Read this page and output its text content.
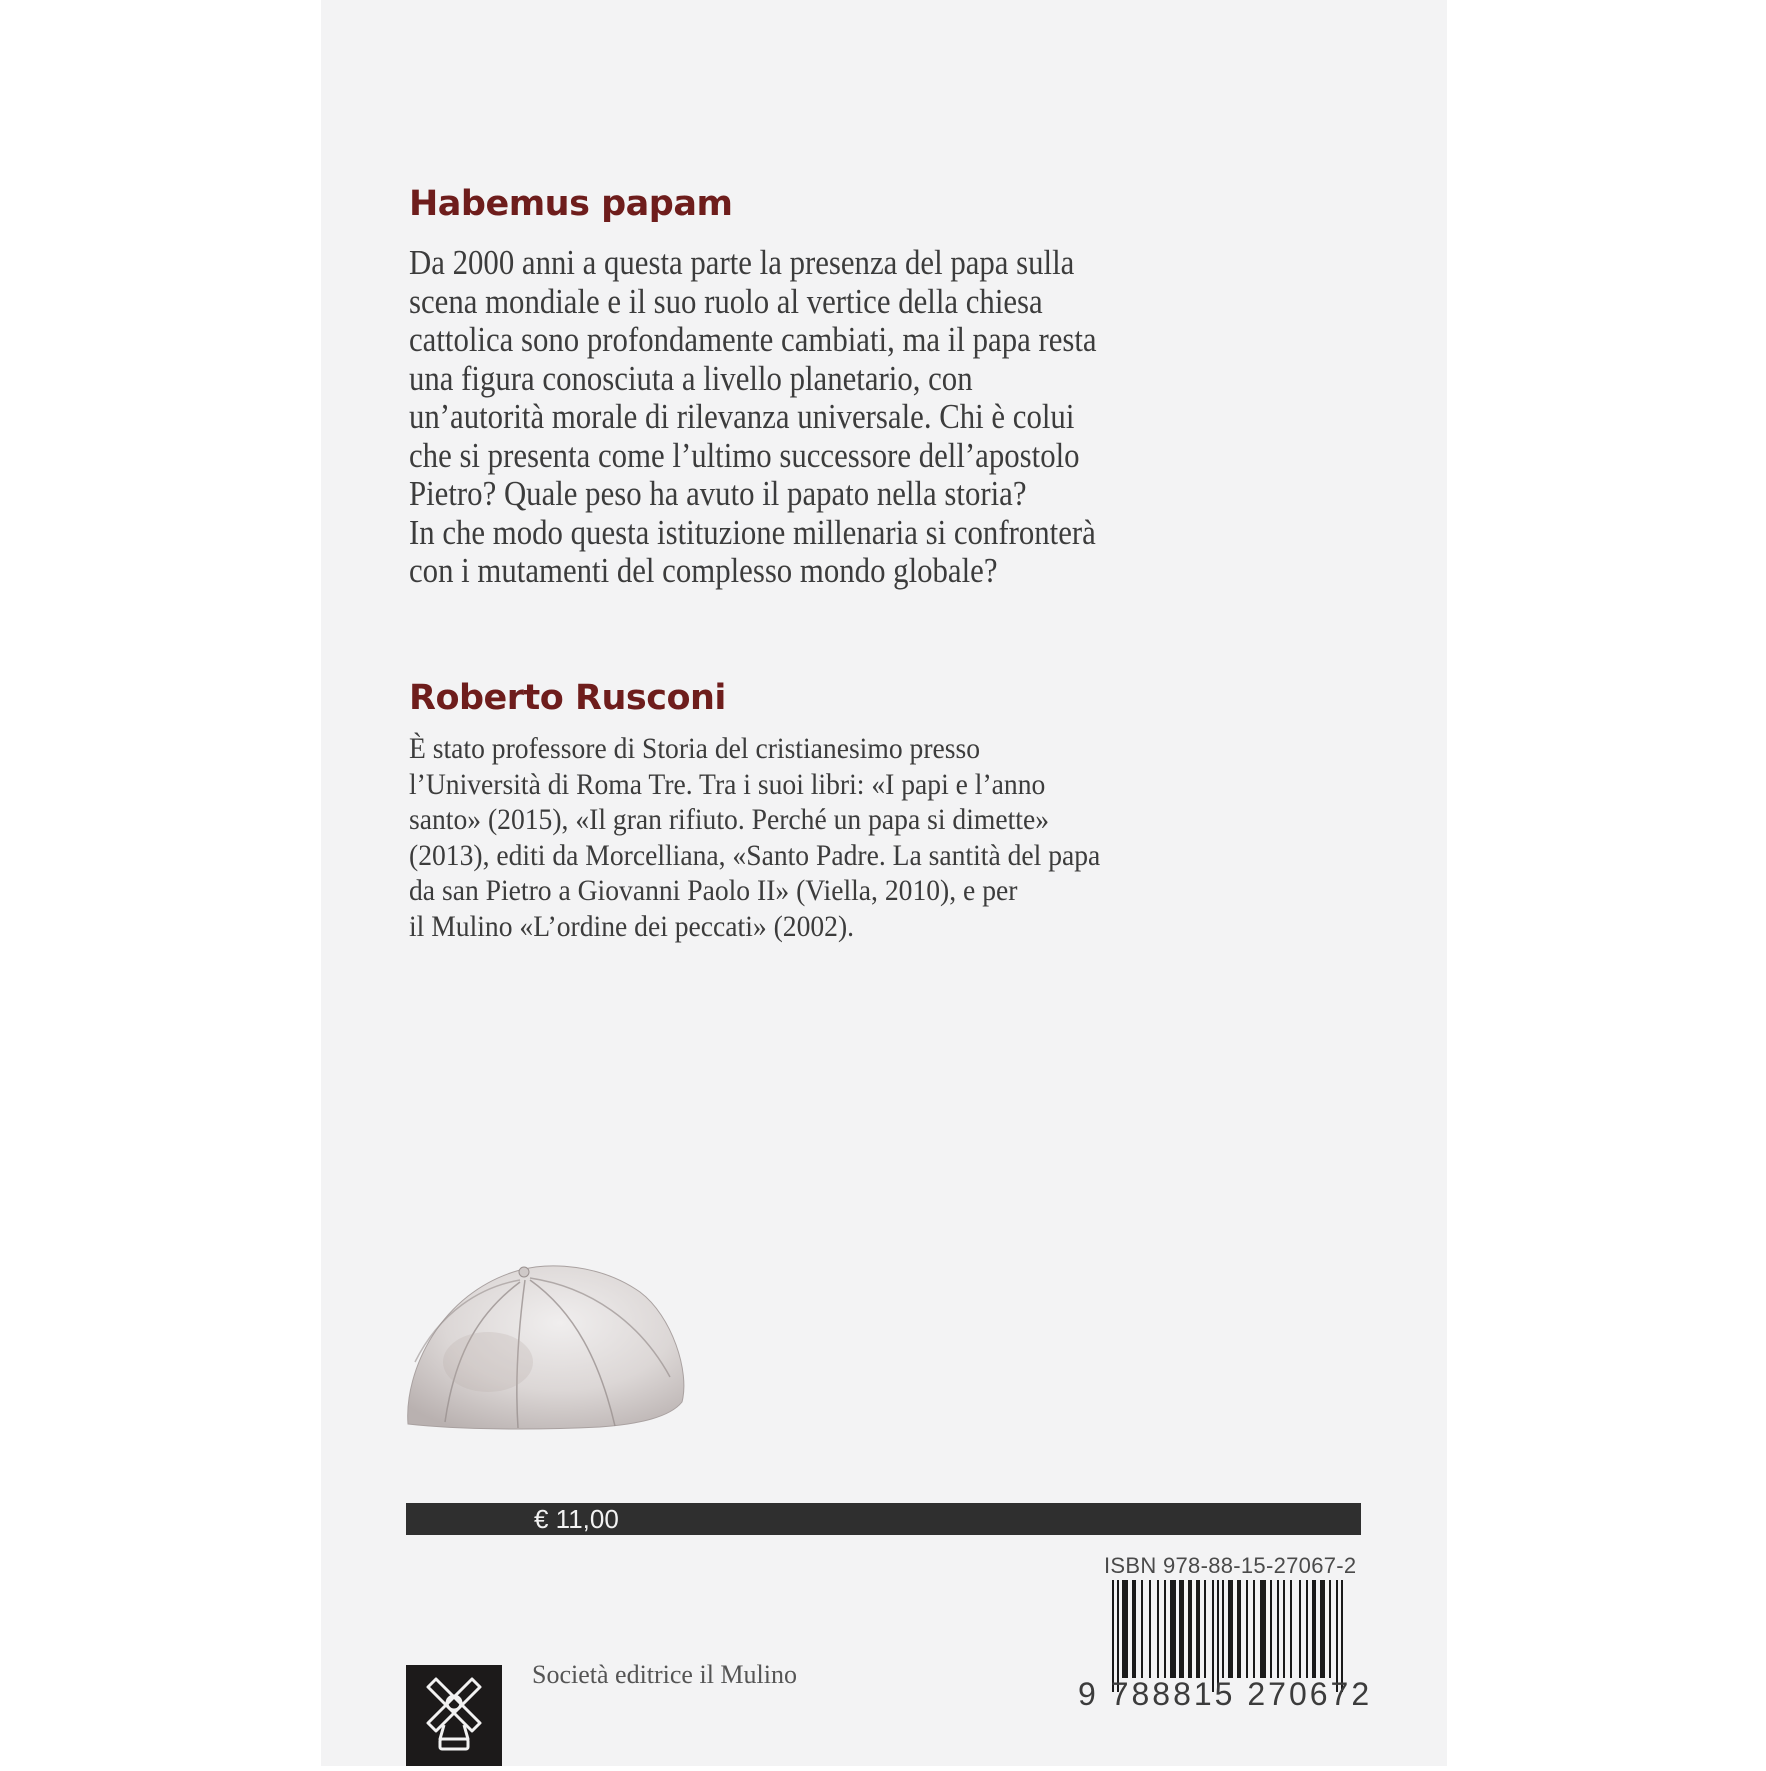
Habemus papam
Da 2000 anni a questa parte la presenza del papa sulla
scena mondiale e il suo ruolo al vertice della chiesa
cattolica sono profondamente cambiati, ma il papa resta
una figura conosciuta a livello planetario, con
un’autorità morale di rilevanza universale. Chi è colui
che si presenta come l’ultimo successore dell’apostolo
Pietro? Quale peso ha avuto il papato nella storia?
In che modo questa istituzione millenaria si confronterà
con i mutamenti del complesso mondo globale?
Roberto Rusconi
È stato professore di Storia del cristianesimo presso
l’Università di Roma Tre. Tra i suoi libri: «I papi e l’anno
santo» (2015), «Il gran rifiuto. Perché un papa si dimette»
(2013), editi da Morcelliana, «Santo Padre. La santità del papa
da san Pietro a Giovanni Paolo II» (Viella, 2010), e per
il Mulino «L’ordine dei peccati» (2002).
€ 11,00
ISBN 978-88-15-27067-2
9 788815 270672
Società editrice il Mulino
